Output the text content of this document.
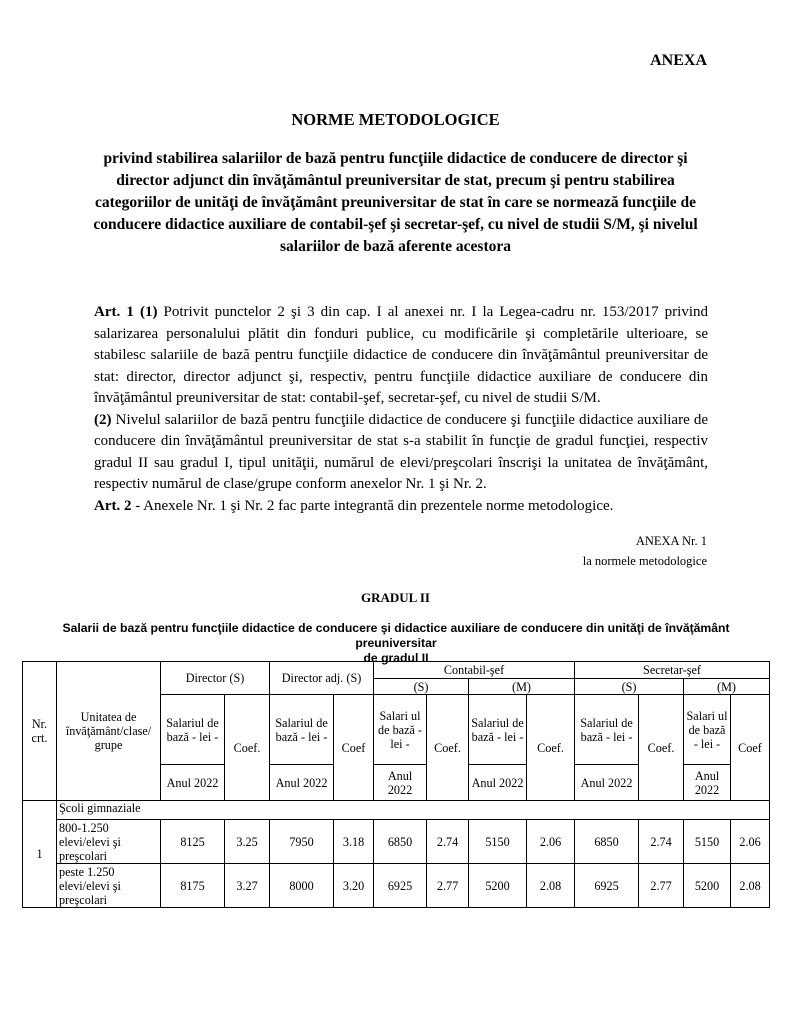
ANEXA
NORME METODOLOGICE
privind stabilirea salariilor de bază pentru funcţiile didactice de conducere de director şi director adjunct din învăţământul preuniversitar de stat, precum şi pentru stabilirea categoriilor de unităţi de învăţământ preuniversitar de stat în care se normează funcţiile de conducere didactice auxiliare de contabil-şef şi secretar-şef, cu nivel de studii S/M, şi nivelul salariilor de bază aferente acestora

Art. 1 (1) Potrivit punctelor 2 şi 3 din cap. I al anexei nr. I la Legea-cadru nr. 153/2017 privind salarizarea personalului plătit din fonduri publice, cu modificările şi completările ulterioare, se stabilesc salariile de bază pentru funcţiile didactice de conducere din învăţământul preuniversitar de stat: director, director adjunct şi, respectiv, pentru funcţiile didactice auxiliare de conducere din învăţământul preuniversitar de stat: contabil-şef, secretar-şef, cu nivel de studii S/M.

(2) Nivelul salariilor de bază pentru funcţiile didactice de conducere şi funcţiile didactice auxiliare de conducere din învăţământul preuniversitar de stat s-a stabilit în funcţie de gradul funcţiei, respectiv gradul II sau gradul I, tipul unităţii, numărul de elevi/preşcolari înscrişi la unitatea de învăţământ, respectiv numărul de clase/grupe conform anexelor Nr. 1 şi Nr. 2.

Art. 2 - Anexele Nr. 1 şi Nr. 2 fac parte integrantă din prezentele norme metodologice.

ANEXA Nr. 1
la normele metodologice
GRADUL II
Salarii de bază pentru funcţiile didactice de conducere şi didactice auxiliare de conducere din unităţi de învăţământ preuniversitar
de gradul II
Nr. crt.	Unitatea de învăţământ/clase/ grupe	Director (S)		Director adj. (S)		Contabil-şef				Secretar-şef			
						(S)		(M)		(S)		(M)	
		Salariul de bază - lei -	Coef.	Salariul de bază - lei -	Coef	Salari ul de bază - lei -	Coef.	Salariul de bază - lei -	Coef.	Salariul de bază - lei -	Coef.	Salari ul de bază - lei -	Coef
		Anul 2022		Anul 2022		Anul 2022		Anul 2022		Anul 2022		Anul 2022	
1	Şcoli gimnaziale												
	800-1.250 elevi/elevi şi preşcolari	8125	3.25	7950	3.18	6850	2.74	5150	2.06	6850	2.74	5150	2.06
	peste 1.250 elevi/elevi şi preşcolari	8175	3.27	8000	3.20	6925	2.77	5200	2.08	6925	2.77	5200	2.08
